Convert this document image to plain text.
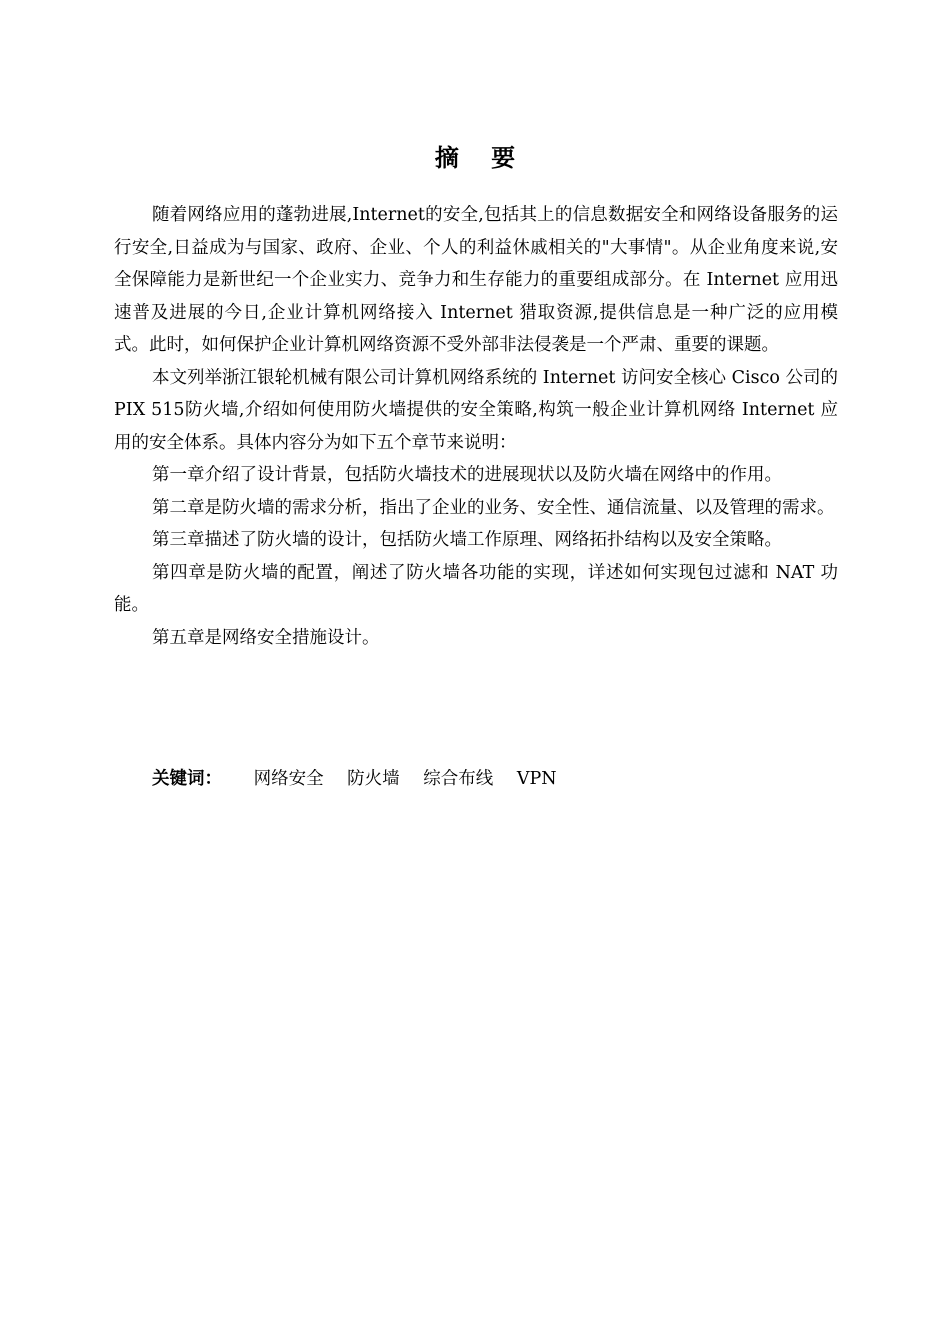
摘 要

随着网络应用的蓬勃进展,Internet的安全,包括其上的信息数据安全和网络设备服务的运行安全,日益成为与国家、政府、企业、个人的利益休戚相关的"大事情"。从企业角度来说,安全保障能力是新世纪一个企业实力、竞争力和生存能力的重要组成部分。在 Internet 应用迅速普及进展的今日,企业计算机网络接入 Internet 猎取资源,提供信息是一种广泛的应用模式。此时，如何保护企业计算机网络资源不受外部非法侵袭是一个严肃、重要的课题。

本文列举浙江银轮机械有限公司计算机网络系统的 Internet 访问安全核心 Cisco 公司的PIX 515防火墙,介绍如何使用防火墙提供的安全策略,构筑一般企业计算机网络 Internet 应用的安全体系。具体内容分为如下五个章节来说明：

第一章介绍了设计背景，包括防火墙技术的进展现状以及防火墙在网络中的作用。

第二章是防火墙的需求分析，指出了企业的业务、安全性、通信流量、以及管理的需求。

第三章描述了防火墙的设计，包括防火墙工作原理、网络拓扑结构以及安全策略。

第四章是防火墙的配置，阐述了防火墙各功能的实现，详述如何实现包过滤和 NAT 功能。

第五章是网络安全措施设计。

关键词： 网络安全 防火墙 综合布线 VPN
